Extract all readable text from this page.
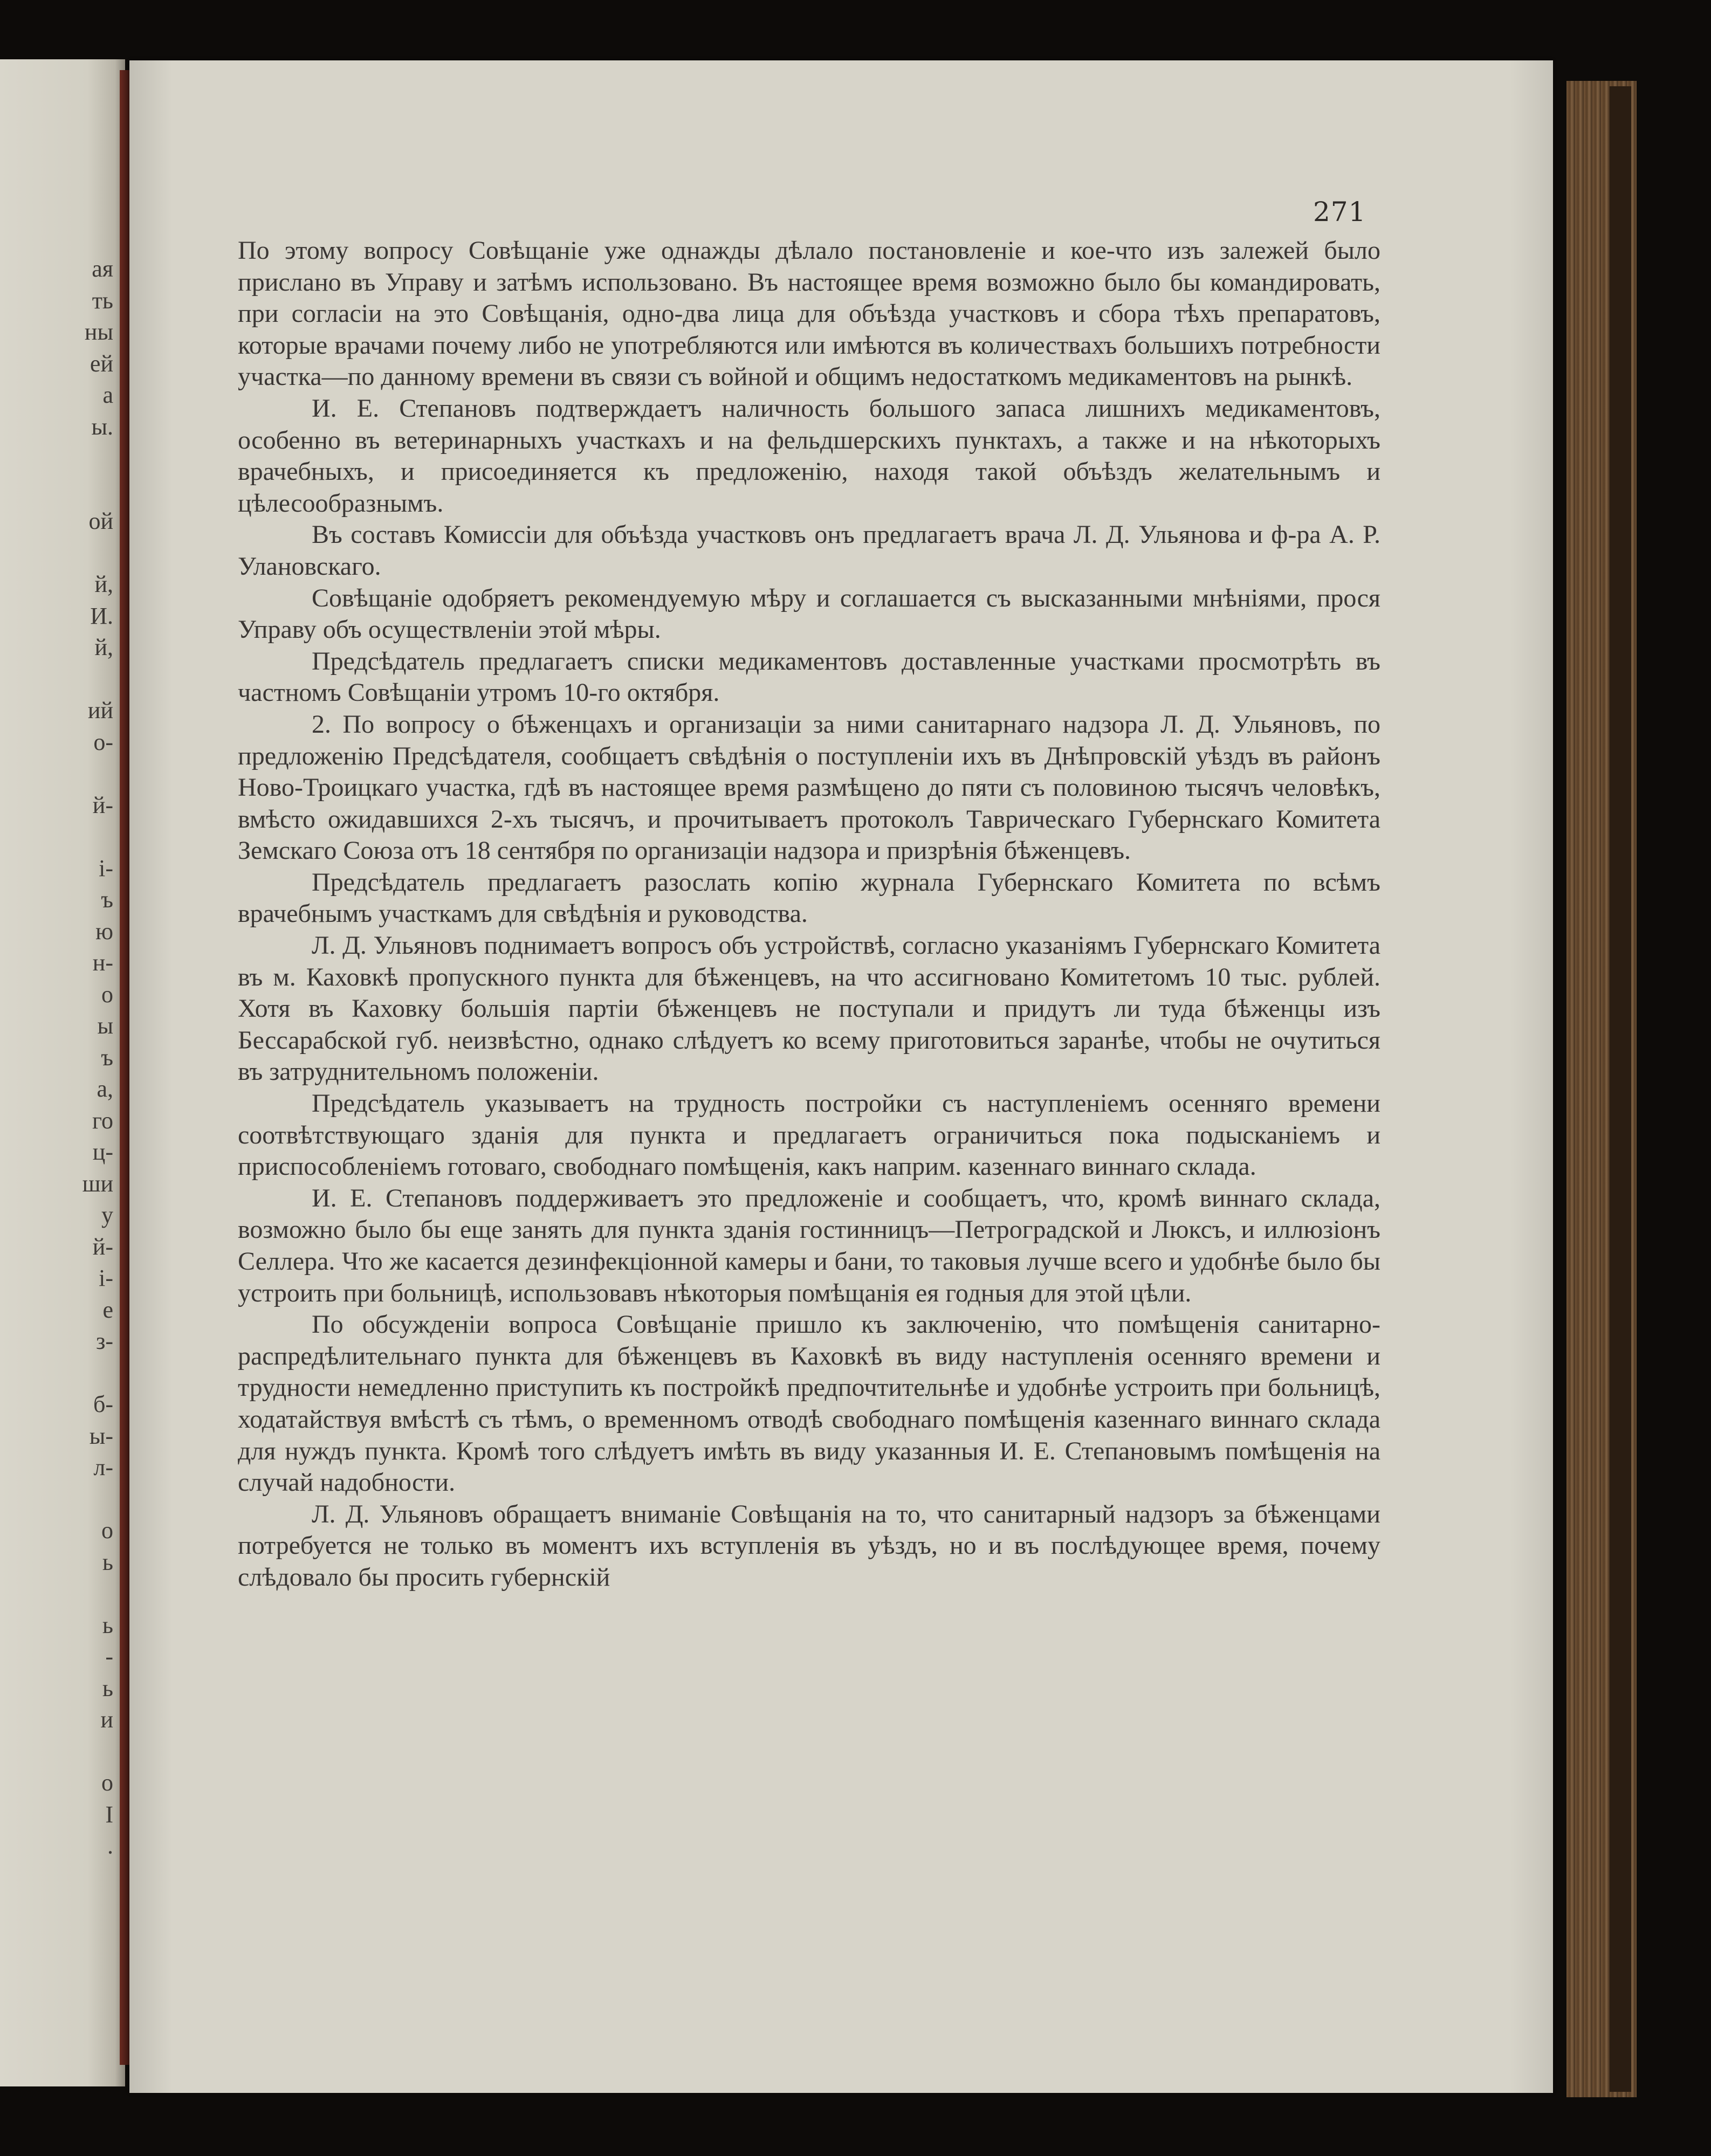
ая
ть
ны
ей
а
ы.
ой
й,
И.
й,
ий
о-
й-
і-
ъ
ю
н-
о
ы
ъ
а,
го
ц-
ши
у
й-
і-
е
з-
б-
ы-
л-
о
ь
ь
-
ь
и
о
І
.
271

По этому вопросу Совѣщаніе уже однажды дѣлало постановленіе и кое-что изъ залежей было прислано въ Управу и затѣмъ использовано. Въ настоящее время возможно было бы командировать, при согласіи на это Совѣщанія, одно-два лица для объѣзда участковъ и сбора тѣхъ препаратовъ, которые врачами почему либо не употребляются или имѣются въ количествахъ большихъ потребности участка—по данному времени въ связи съ войной и общимъ недостаткомъ медикаментовъ на рынкѣ.

И. Е. Степановъ подтверждаетъ наличность большого запаса лишнихъ медикаментовъ, особенно въ ветеринарныхъ участкахъ и на фельдшерскихъ пунктахъ, а также и на нѣкоторыхъ врачебныхъ, и присоединяется къ предложенію, находя такой объѣздъ желательнымъ и цѣлесообразнымъ.

Въ составъ Комиссіи для объѣзда участковъ онъ предлагаетъ врача Л. Д. Ульянова и ф-ра А. Р. Улановскаго.

Совѣщаніе одобряетъ рекомендуемую мѣру и соглашается съ высказанными мнѣніями, прося Управу объ осуществленіи этой мѣры.

Предсѣдатель предлагаетъ списки медикаментовъ доставленные участками просмотрѣть въ частномъ Совѣщаніи утромъ 10-го октября.

2. По вопросу о бѣженцахъ и организаціи за ними санитарнаго надзора Л. Д. Ульяновъ, по предложенію Предсѣдателя, сообщаетъ свѣдѣнія о поступленіи ихъ въ Днѣпровскій уѣздъ въ районъ Ново-Троицкаго участка, гдѣ въ настоящее время размѣщено до пяти съ половиною тысячъ человѣкъ, вмѣсто ожидавшихся 2-хъ тысячъ, и прочитываетъ протоколъ Таврическаго Губернскаго Комитета Земскаго Союза отъ 18 сентября по организаціи надзора и призрѣнія бѣженцевъ.

Предсѣдатель предлагаетъ разослать копію журнала Губернскаго Комитета по всѣмъ врачебнымъ участкамъ для свѣдѣнія и руководства.

Л. Д. Ульяновъ поднимаетъ вопросъ объ устройствѣ, согласно указаніямъ Губернскаго Комитета въ м. Каховкѣ пропускного пункта для бѣженцевъ, на что ассигновано Комитетомъ 10 тыс. рублей. Хотя въ Каховку большія партіи бѣженцевъ не поступали и придутъ ли туда бѣженцы изъ Бессарабской губ. неизвѣстно, однако слѣдуетъ ко всему приготовиться заранѣе, чтобы не очутиться въ затруднительномъ положеніи.

Предсѣдатель указываетъ на трудность постройки съ наступленіемъ осенняго времени соотвѣтствующаго зданія для пункта и предлагаетъ ограничиться пока подысканіемъ и приспособленіемъ готоваго, свободнаго помѣщенія, какъ наприм. казеннаго виннаго склада.

И. Е. Степановъ поддерживаетъ это предложеніе и сообщаетъ, что, кромѣ виннаго склада, возможно было бы еще занять для пункта зданія гостинницъ—Петроградской и Люксъ, и иллюзіонъ Селлера. Что же касается дезинфекціонной камеры и бани, то таковыя лучше всего и удобнѣе было бы устроить при больницѣ, использовавъ нѣкоторыя помѣщанія ея годныя для этой цѣли.

По обсужденіи вопроса Совѣщаніе пришло къ заключенію, что помѣщенія санитарно-распредѣлительнаго пункта для бѣженцевъ въ Каховкѣ въ виду наступленія осенняго времени и трудности немедленно приступить къ постройкѣ предпочтительнѣе и удобнѣе устроить при больницѣ, ходатайствуя вмѣстѣ съ тѣмъ, о временномъ отводѣ свободнаго помѣщенія казеннаго виннаго склада для нуждъ пункта. Кромѣ того слѣдуетъ имѣть въ виду указанныя И. Е. Степановымъ помѣщенія на случай надобности.

Л. Д. Ульяновъ обращаетъ вниманіе Совѣщанія на то, что санитарный надзоръ за бѣженцами потребуется не только въ моментъ ихъ вступленія въ уѣздъ, но и въ послѣдующее время, почему слѣдовало бы просить губернскій
